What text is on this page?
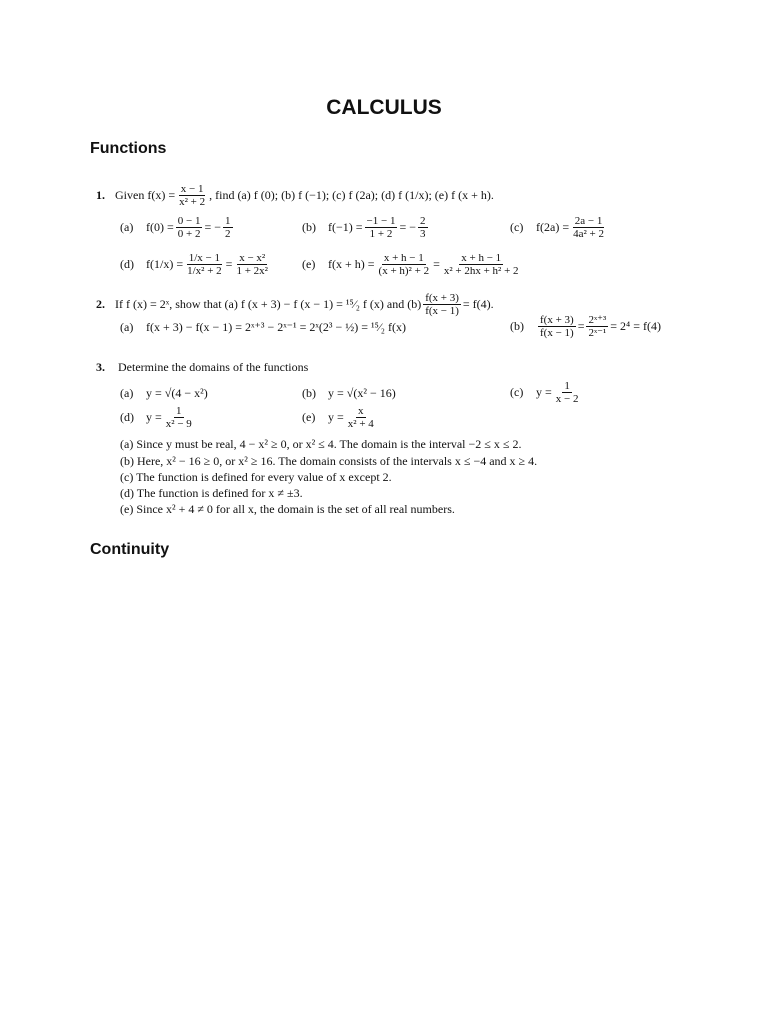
CALCULUS
Functions
1. Given
$f(x) = \frac{x - 1}{\text{x² + 2}}$ , find (a) f (0); (b) f (−1); (c) f (2a); (d) f (1/x); (e) f (x + h).
(a)	$f(0) = \frac{0 - 1}{0 + 2}$ = − $\frac{1}{2}$	(b)	$f(-1) = \frac{-1 - 1}{1 + 2}$ = − $\frac{2}{3}$	(c)	$f(2a) = \frac{2a - 1}{\text{4a² + 2}}$
(d)	$f(1/x) = \frac{1/x - 1}{\text{1/x² + 2}} = \frac{\text{x − x²}}{\text{1 + 2x²}}$	(e)	$f(x + h) = \frac{x + h - 1}{\text{(x + h)² + 2}} = \frac{x + h - 1}{\text{x² + 2hx + h² + 2}}$
2. If f (x) = 2ˣ, show that (a) f (x + 3) − f (x − 1) = ¹⁵⁄₂ f (x) and $(b) \frac{f(x + 3)}{f(x - 1)} = f(4)$.
(a)	f(x + 3) − f(x − 1) = 2ˣ⁺³ − 2ˣ⁻¹ = 2ˣ(2³ − ½) = ¹⁵⁄₂ f(x)	(b)	$\frac{f(x + 3)}{f(x - 1)} = \frac{\text{2ˣ⁺³}}{\text{2ˣ⁻¹}} = 2^4 = f(4)$
3. Determine the domains of the functions
(a)	y = √(4 − x²)	(b)	y = √(x² − 16)	(c)	$y = \frac{1}{x - 2}$
(d)	$y = \frac{1}{\text{x² − 9}}$	(e)	$y = \frac{x}{\text{x² + 4}}$
(a) Since y must be real, 4 − x² ≥ 0, or x² ≤ 4. The domain is the interval −2 ≤ x ≤ 2.
(b) Here, x² − 16 ≥ 0, or x² ≥ 16. The domain consists of the intervals x ≤ −4 and x ≥ 4.
(c) The function is defined for every value of x except 2.
(d) The function is defined for x ≠ ±3.
(e) Since x² + 4 ≠ 0 for all x, the domain is the set of all real numbers.
Continuity
